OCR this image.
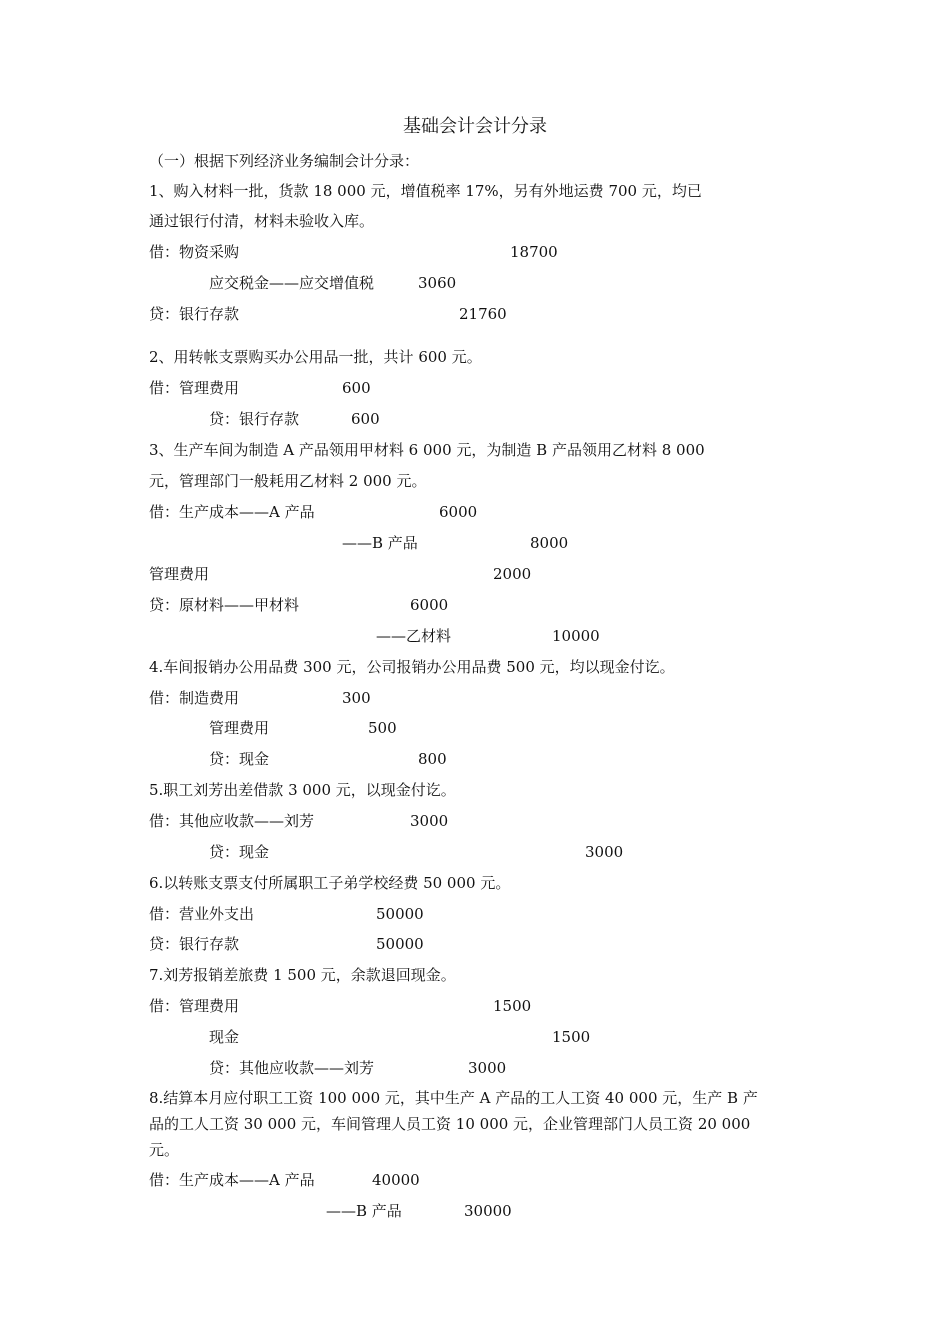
基础会计会计分录
（一）根据下列经济业务编制会计分录：
1、购入材料一批，货款 18 000 元，增值税率 17%，另有外地运费 700 元，均已
通过银行付清，材料未验收入库。
借：物资采购	18700
应交税金——应交增值税	3060
贷：银行存款	21760
2、用转帐支票购买办公用品一批，共计 600 元。
借：管理费用	600
贷：银行存款	600
3、生产车间为制造 A 产品领用甲材料 6 000 元，为制造 B 产品领用乙材料 8 000
元，管理部门一般耗用乙材料 2 000 元。
借：生产成本——A 产品	6000
——B 产品	8000
管理费用	2000
贷：原材料——甲材料	6000
——乙材料	10000
4.车间报销办公用品费 300 元，公司报销办公用品费 500 元，均以现金付讫。
借：制造费用	300
管理费用	500
贷：现金	800
5.职工刘芳出差借款 3 000 元，以现金付讫。
借：其他应收款——刘芳	3000
贷：现金	3000
6.以转账支票支付所属职工子弟学校经费 50 000 元。
借：营业外支出	50000
贷：银行存款	50000
7.刘芳报销差旅费 1 500 元，余款退回现金。
借：管理费用	1500
现金	1500
贷：其他应收款——刘芳	3000
8.结算本月应付职工工资 100 000 元，其中生产 A 产品的工人工资 40 000 元，生产 B 产
品的工人工资 30 000 元，车间管理人员工资 10 000 元，企业管理部门人员工资 20 000
元。
借：生产成本——A 产品	40000
——B 产品	30000
